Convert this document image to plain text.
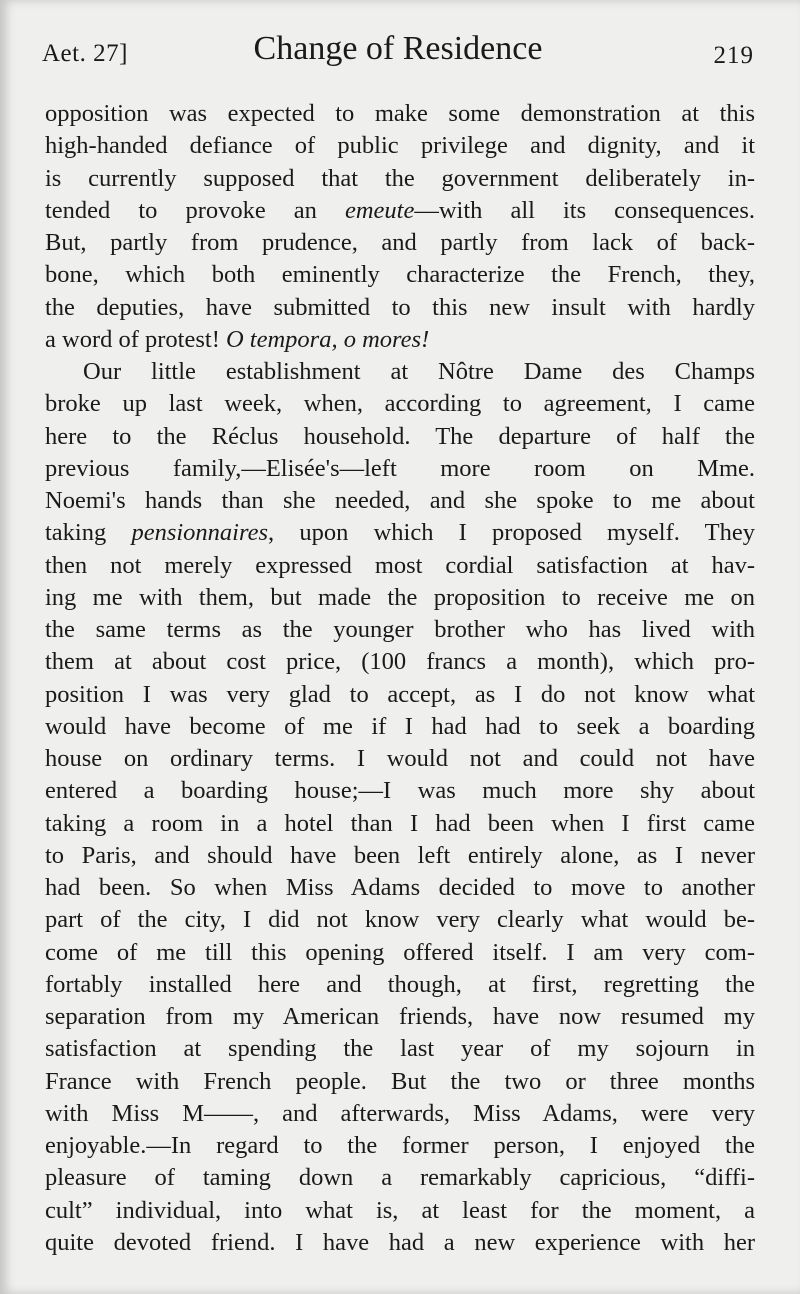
Aet. 27]	Change of Residence	219
opposition was expected to make some demonstration at this
high-handed defiance of public privilege and dignity, and it
is currently supposed that the government deliberately in-
tended to provoke an emeute—with all its consequences.
But, partly from prudence, and partly from lack of back-
bone, which both eminently characterize the French, they,
the deputies, have submitted to this new insult with hardly
a word of protest! O tempora, o mores!
Our little establishment at Nôtre Dame des Champs
broke up last week, when, according to agreement, I came
here to the Réclus household. The departure of half the
previous family,—Elisée's—left more room on Mme.
Noemi's hands than she needed, and she spoke to me about
taking pensionnaires, upon which I proposed myself. They
then not merely expressed most cordial satisfaction at hav-
ing me with them, but made the proposition to receive me on
the same terms as the younger brother who has lived with
them at about cost price, (100 francs a month), which pro-
position I was very glad to accept, as I do not know what
would have become of me if I had had to seek a boarding
house on ordinary terms. I would not and could not have
entered a boarding house;—I was much more shy about
taking a room in a hotel than I had been when I first came
to Paris, and should have been left entirely alone, as I never
had been. So when Miss Adams decided to move to another
part of the city, I did not know very clearly what would be-
come of me till this opening offered itself. I am very com-
fortably installed here and though, at first, regretting the
separation from my American friends, have now resumed my
satisfaction at spending the last year of my sojourn in
France with French people. But the two or three months
with Miss M——, and afterwards, Miss Adams, were very
enjoyable.—In regard to the former person, I enjoyed the
pleasure of taming down a remarkably capricious, “diffi-
cult” individual, into what is, at least for the moment, a
quite devoted friend. I have had a new experience with her
